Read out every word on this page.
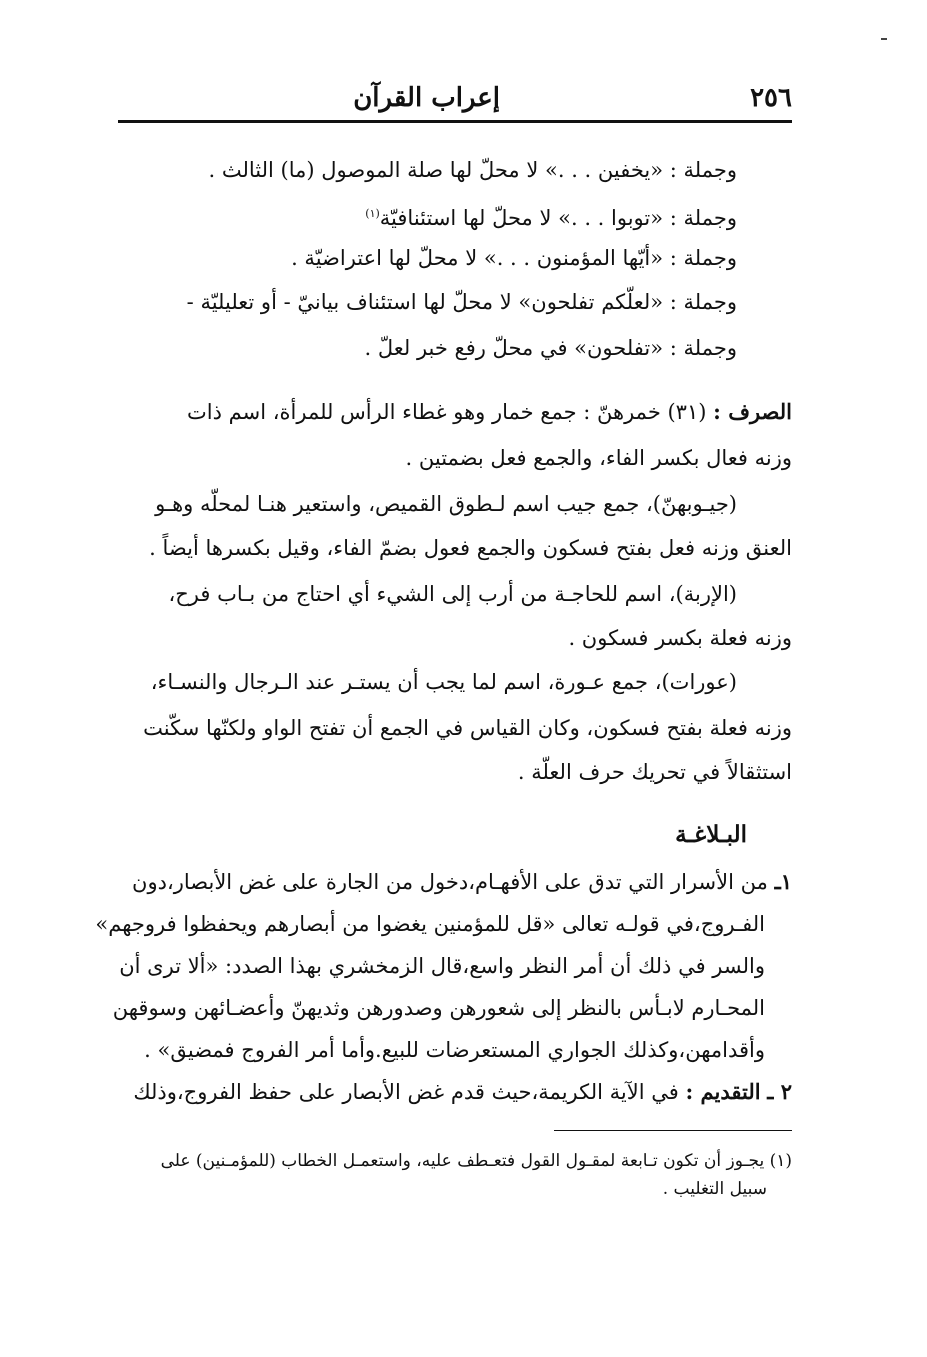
٢٥٦
إعراب القرآن
وجملة : «يخفين . . .» لا محلّ لها صلة الموصول (ما) الثالث .
وجملة : «توبوا . . .» لا محلّ لها استئنافيّة$^{(١)}$
وجملة : «أيّها المؤمنون . . .» لا محلّ لها اعتراضيّة .
وجملة : «لعلّكم تفلحون» لا محلّ لها استئناف بيانيّ - أو تعليليّة -
وجملة : «تفلحون» في محلّ رفع خبر لعلّ .
الصرف : (٣١) خمرهنّ : جمع خمار وهو غطاء الرأس للمرأة، اسم ذات
وزنه فعال بكسر الفاء، والجمع فعل بضمتين .
(جيـوبهنّ)، جمع جيب اسم لـطوق القميص، واستعير هنـا لمحلّه وهـو
العنق وزنه فعل بفتح فسكون والجمع فعول بضمّ الفاء، وقيل بكسرها أيضاً .
(الإربة)، اسم للحاجـة من أرب إلى الشيء أي احتاج من بـاب فرح،
وزنه فعلة بكسر فسكون .
(عورات)، جمع عـورة، اسم لما يجب أن يستـر عند الـرجال والنسـاء،
وزنه فعلة بفتح فسكون، وكان القياس في الجمع أن تفتح الواو ولكنّها سكّنت
استثقالاً في تحريك حرف العلّة .
البـلاغـة
١ـ من الأسرار التي تدق على الأفهـام،دخول من الجارة على غض الأبصار،دون
الفـروج،في قولـه تعالى «قل للمؤمنين يغضوا من أبصارهم ويحفظوا فروجهم»
والسر في ذلك أن أمر النظر واسع،قال الزمخشري بهذا الصدد: «ألا ترى أن
المحـارم لابـأس بالنظر إلى شعورهن وصدورهن وثديهنّ وأعضـائهن وسوقهن
وأقدامهن،وكذلك الجواري المستعرضات للبيع.وأما أمر الفروج فمضيق» .
٢ ـ التقديم : في الآية الكريمة،حيث قدم غض الأبصار على حفظ الفروج،وذلك
(١) يجـوز أن تكون تـابعة لمقـول القول فتعـطف عليه، واستعمـل الخطاب (للمؤمـنين) على
سبيل التغليب .
